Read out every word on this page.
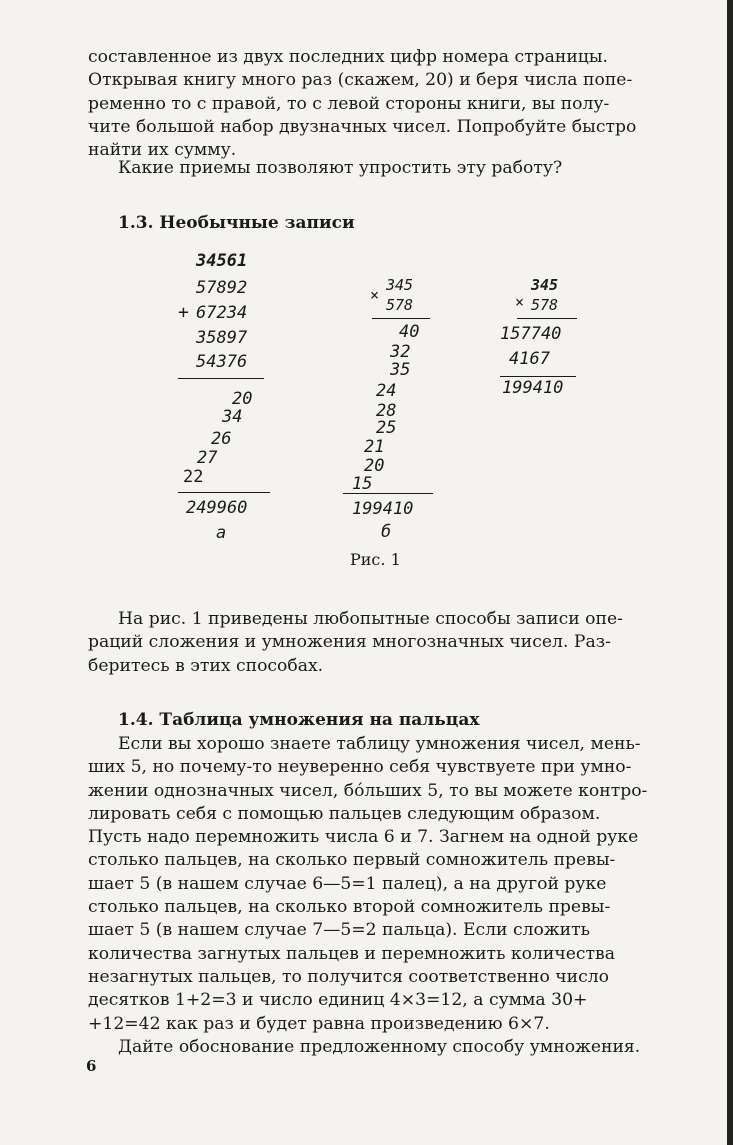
составленное из двух последних цифр номера страницы.
Открывая книгу много раз (скажем, 20) и беря числа попе-
ременно то с правой, то с левой стороны книги, вы полу-
чите большой набор двузначных чисел. Попробуйте быстро
найти их сумму.

Какие приемы позволяют упростить эту работу?

1.3. Необычные записи
34561
57892
+ 67234
35897
54376
20
34
26
27
22
249960
а
×
345
578
40
32
35
24
28
25
21
20
15
199410
б
×
345
578
157740
4167
199410
Рис. 1

На рис. 1 приведены любопытные способы записи опе-
раций сложения и умножения многозначных чисел. Раз-
беритесь в этих способах.

1.4. Таблица умножения на пальцах

Если вы хорошо знаете таблицу умножения чисел, мень-
ших 5, но почему-то неуверенно себя чувствуете при умно-
жении однозначных чисел, бо́льших 5, то вы можете контро-
лировать себя с помощью пальцев следующим образом.
Пусть надо перемножить числа 6 и 7. Загнем на одной руке
столько пальцев, на сколько первый сомножитель превы-
шает 5 (в нашем случае 6—5=1 палец), а на другой руке
столько пальцев, на сколько второй сомножитель превы-
шает 5 (в нашем случае 7—5=2 пальца). Если сложить
количества загнутых пальцев и перемножить количества
незагнутых пальцев, то получится соответственно число
десятков 1+2=3 и число единиц 4×3=12, а сумма 30+
+12=42 как раз и будет равна произведению 6×7.
Дайте обоснование предложенному способу умножения.

6
